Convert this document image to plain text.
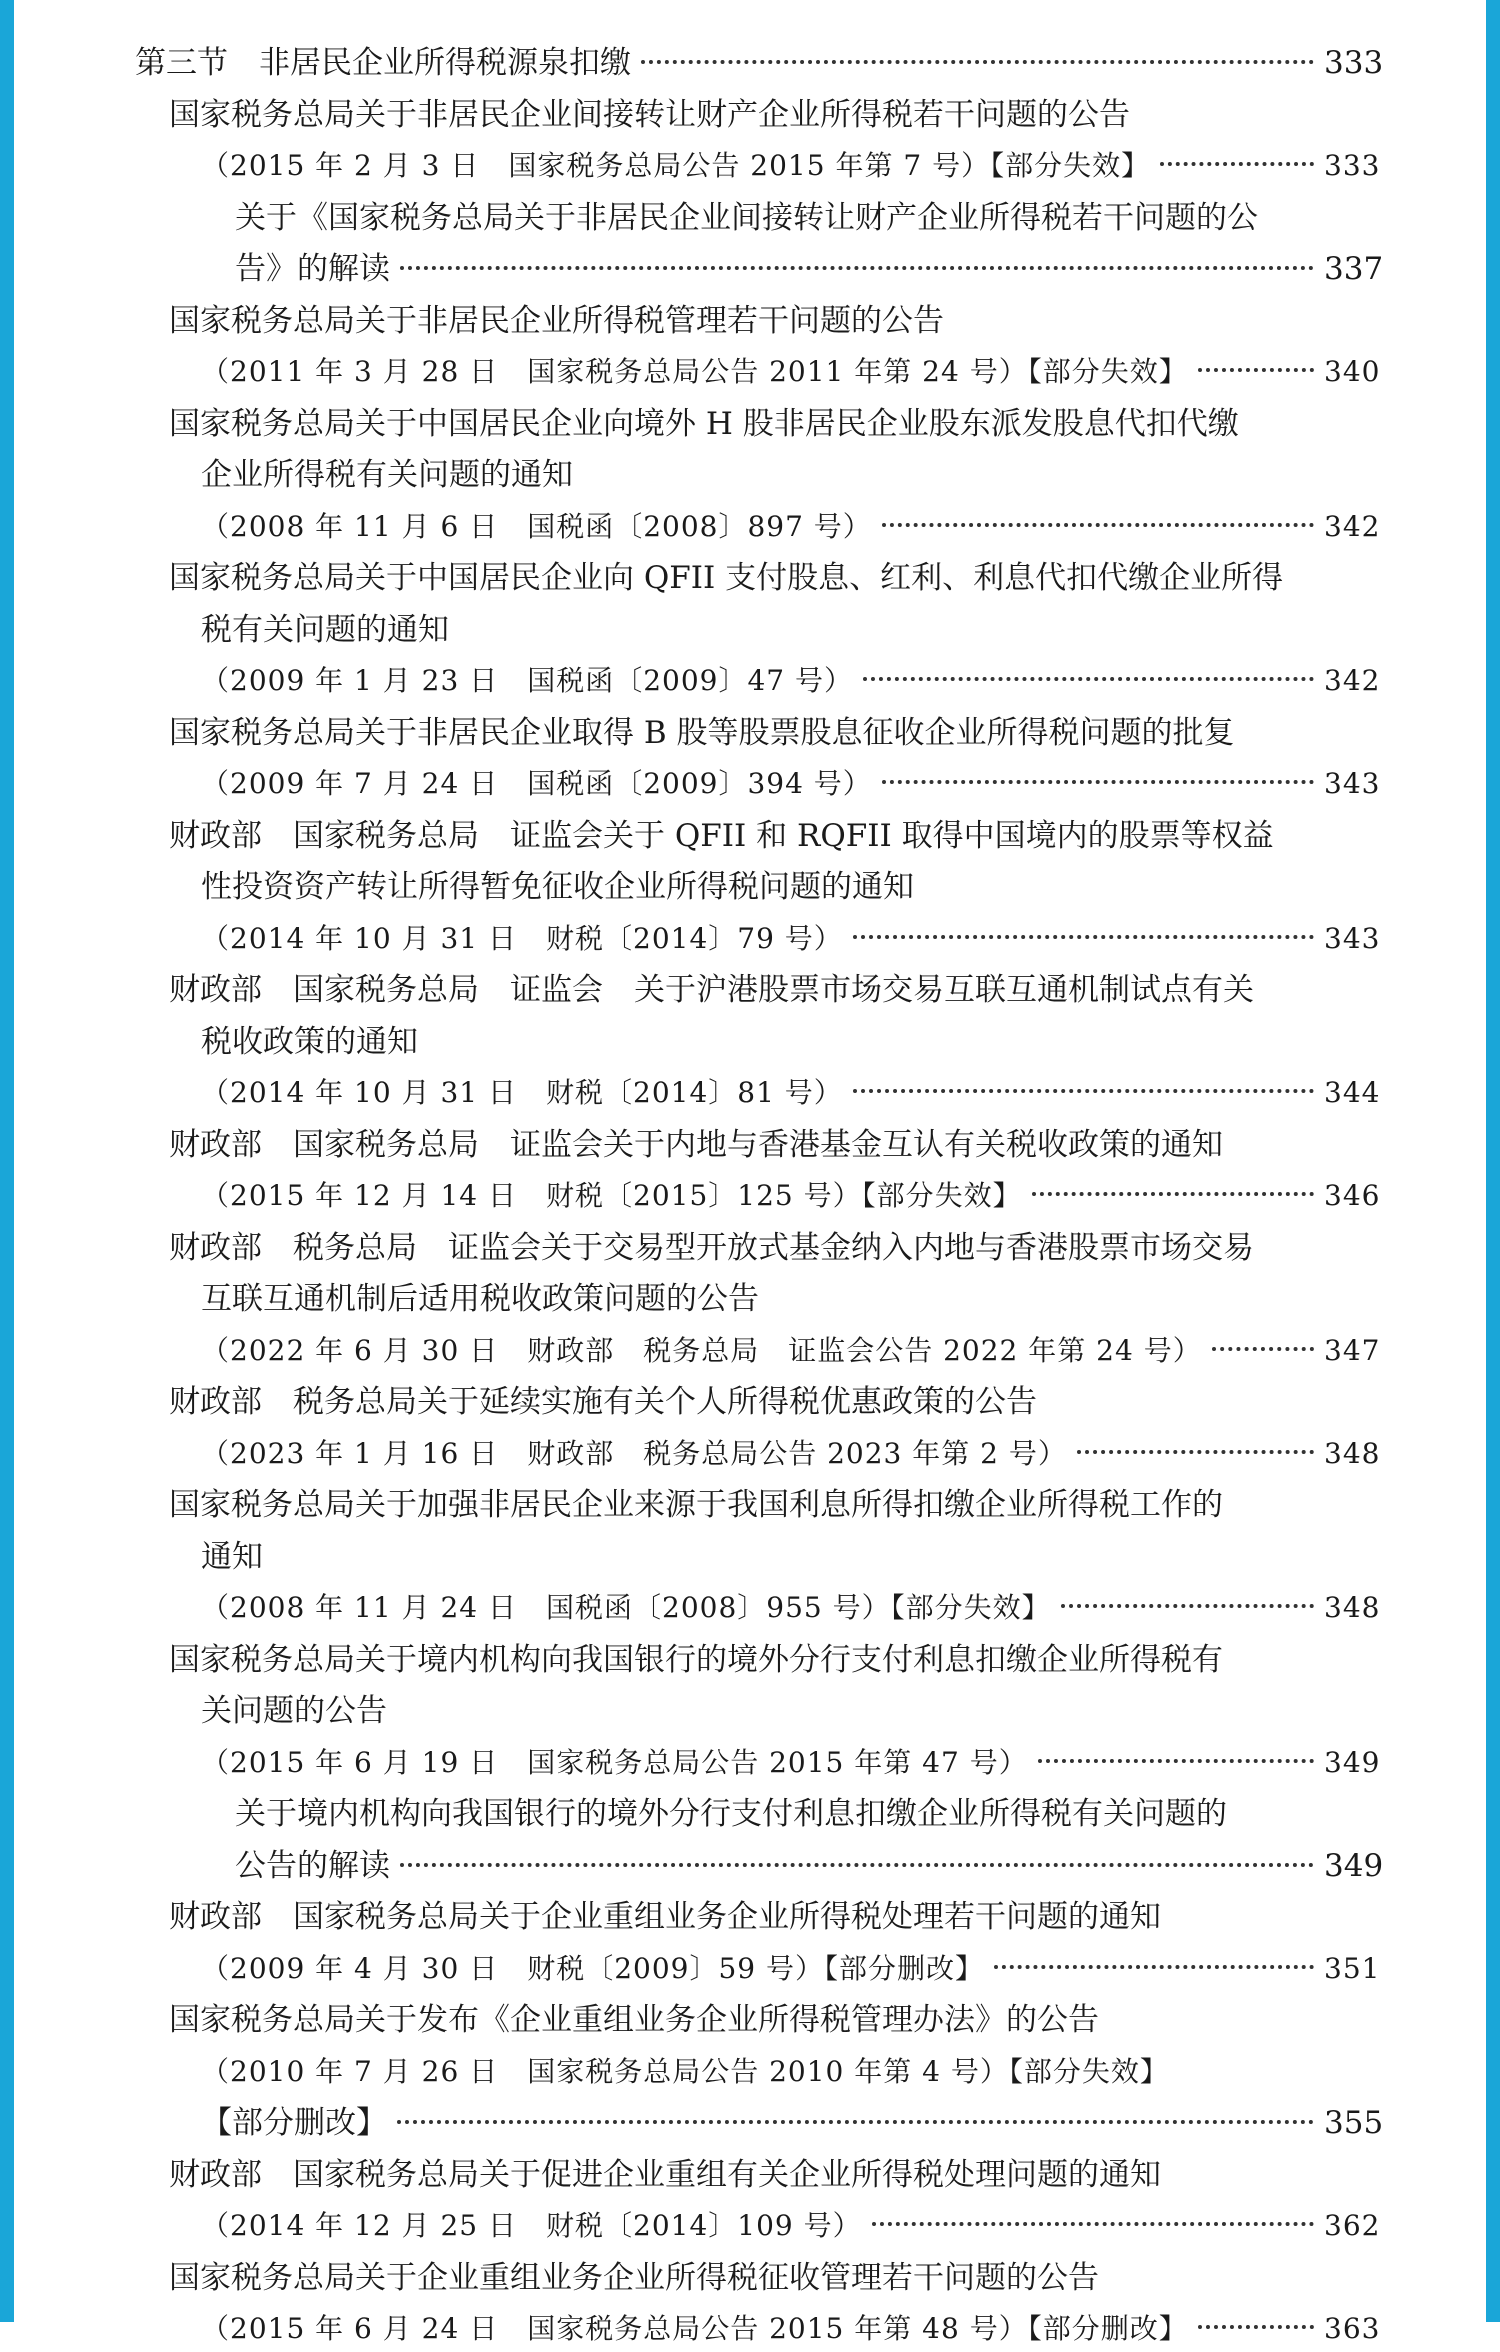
第三节　非居民企业所得税源泉扣缴	333
国家税务总局关于非居民企业间接转让财产企业所得税若干问题的公告
（2015 年 2 月 3 日　国家税务总局公告 2015 年第 7 号）【部分失效】	333
关于《国家税务总局关于非居民企业间接转让财产企业所得税若干问题的公
告》的解读	337
国家税务总局关于非居民企业所得税管理若干问题的公告
（2011 年 3 月 28 日　国家税务总局公告 2011 年第 24 号）【部分失效】	340
国家税务总局关于中国居民企业向境外 H 股非居民企业股东派发股息代扣代缴
企业所得税有关问题的通知
（2008 年 11 月 6 日　国税函〔2008〕897 号）	342
国家税务总局关于中国居民企业向 QFII 支付股息、红利、利息代扣代缴企业所得
税有关问题的通知
（2009 年 1 月 23 日　国税函〔2009〕47 号）	342
国家税务总局关于非居民企业取得 B 股等股票股息征收企业所得税问题的批复
（2009 年 7 月 24 日　国税函〔2009〕394 号）	343
财政部　国家税务总局　证监会关于 QFII 和 RQFII 取得中国境内的股票等权益
性投资资产转让所得暂免征收企业所得税问题的通知
（2014 年 10 月 31 日　财税〔2014〕79 号）	343
财政部　国家税务总局　证监会　关于沪港股票市场交易互联互通机制试点有关
税收政策的通知
（2014 年 10 月 31 日　财税〔2014〕81 号）	344
财政部　国家税务总局　证监会关于内地与香港基金互认有关税收政策的通知
（2015 年 12 月 14 日　财税〔2015〕125 号）【部分失效】	346
财政部　税务总局　证监会关于交易型开放式基金纳入内地与香港股票市场交易
互联互通机制后适用税收政策问题的公告
（2022 年 6 月 30 日　财政部　税务总局　证监会公告 2022 年第 24 号）	347
财政部　税务总局关于延续实施有关个人所得税优惠政策的公告
（2023 年 1 月 16 日　财政部　税务总局公告 2023 年第 2 号）	348
国家税务总局关于加强非居民企业来源于我国利息所得扣缴企业所得税工作的
通知
（2008 年 11 月 24 日　国税函〔2008〕955 号）【部分失效】	348
国家税务总局关于境内机构向我国银行的境外分行支付利息扣缴企业所得税有
关问题的公告
（2015 年 6 月 19 日　国家税务总局公告 2015 年第 47 号）	349
关于境内机构向我国银行的境外分行支付利息扣缴企业所得税有关问题的
公告的解读	349
财政部　国家税务总局关于企业重组业务企业所得税处理若干问题的通知
（2009 年 4 月 30 日　财税〔2009〕59 号）【部分删改】	351
国家税务总局关于发布《企业重组业务企业所得税管理办法》的公告
（2010 年 7 月 26 日　国家税务总局公告 2010 年第 4 号）【部分失效】
【部分删改】	355
财政部　国家税务总局关于促进企业重组有关企业所得税处理问题的通知
（2014 年 12 月 25 日　财税〔2014〕109 号）	362
国家税务总局关于企业重组业务企业所得税征收管理若干问题的公告
（2015 年 6 月 24 日　国家税务总局公告 2015 年第 48 号）【部分删改】	363
